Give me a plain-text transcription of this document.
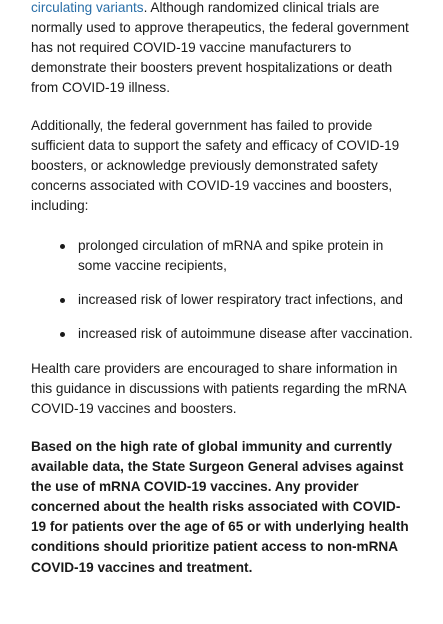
circulating variants. Although randomized clinical trials are normally used to approve therapeutics, the federal government has not required COVID-19 vaccine manufacturers to demonstrate their boosters prevent hospitalizations or death from COVID-19 illness.

Additionally, the federal government has failed to provide sufficient data to support the safety and efficacy of COVID-19 boosters, or acknowledge previously demonstrated safety concerns associated with COVID-19 vaccines and boosters, including:

prolonged circulation of mRNA and spike protein in some vaccine recipients,
increased risk of lower respiratory tract infections, and
increased risk of autoimmune disease after vaccination.

Health care providers are encouraged to share information in this guidance in discussions with patients regarding the mRNA COVID-19 vaccines and boosters.

Based on the high rate of global immunity and currently available data, the State Surgeon General advises against the use of mRNA COVID-19 vaccines. Any provider concerned about the health risks associated with COVID-19 for patients over the age of 65 or with underlying health conditions should prioritize patient access to non-mRNA COVID-19 vaccines and treatment.
